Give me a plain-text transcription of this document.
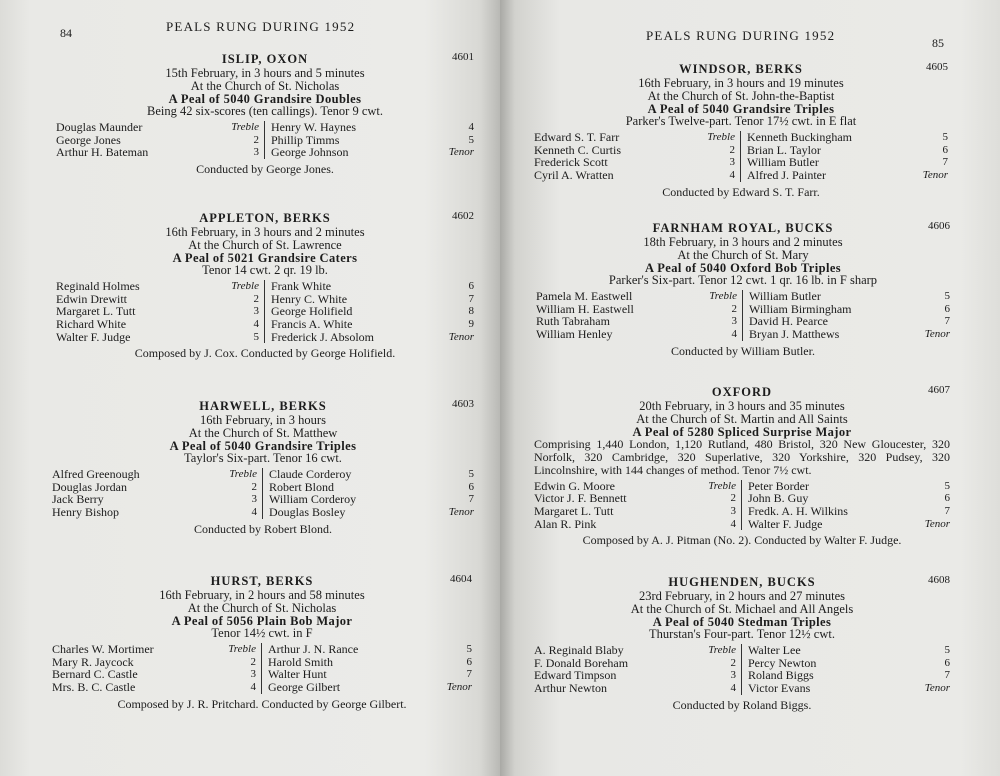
84	PEALS RUNG DURING 1952
ISLIP, OXON	4601
15th February, in 3 hours and 5 minutes
At the Church of St. Nicholas
A Peal of 5040 Grandsire Doubles
Being 42 six-scores (ten callings). Tenor 9 cwt.
Douglas Maunder	Treble
George Jones	2
Arthur H. Bateman	3
Henry W. Haynes	4
Phillip Timms	5
George Johnson	Tenor
Conducted by George Jones.
APPLETON, BERKS	4602
16th February, in 3 hours and 2 minutes
At the Church of St. Lawrence
A Peal of 5021 Grandsire Caters
Tenor 14 cwt. 2 qr. 19 lb.
Reginald Holmes	Treble
Edwin Drewitt	2
Margaret L. Tutt	3
Richard White	4
Walter F. Judge	5
Frank White	6
Henry C. White	7
George Holifield	8
Francis A. White	9
Frederick J. Absolom	Tenor
Composed by J. Cox. Conducted by George Holifield.
HARWELL, BERKS	4603
16th February, in 3 hours
At the Church of St. Matthew
A Peal of 5040 Grandsire Triples
Taylor's Six-part. Tenor 16 cwt.
Alfred Greenough	Treble
Douglas Jordan	2
Jack Berry	3
Henry Bishop	4
Claude Corderoy	5
Robert Blond	6
William Corderoy	7
Douglas Bosley	Tenor
Conducted by Robert Blond.
HURST, BERKS	4604
16th February, in 2 hours and 58 minutes
At the Church of St. Nicholas
A Peal of 5056 Plain Bob Major
Tenor 14½ cwt. in F
Charles W. Mortimer	Treble
Mary R. Jaycock	2
Bernard C. Castle	3
Mrs. B. C. Castle	4
Arthur J. N. Rance	5
Harold Smith	6
Walter Hunt	7
George Gilbert	Tenor
Composed by J. R. Pritchard. Conducted by George Gilbert.
PEALS RUNG DURING 1952	85
WINDSOR, BERKS	4605
16th February, in 3 hours and 19 minutes
At the Church of St. John-the-Baptist
A Peal of 5040 Grandsire Triples
Parker's Twelve-part. Tenor 17½ cwt. in E flat
Edward S. T. Farr	Treble
Kenneth C. Curtis	2
Frederick Scott	3
Cyril A. Wratten	4
Kenneth Buckingham	5
Brian L. Taylor	6
William Butler	7
Alfred J. Painter	Tenor
Conducted by Edward S. T. Farr.
FARNHAM ROYAL, BUCKS	4606
18th February, in 3 hours and 2 minutes
At the Church of St. Mary
A Peal of 5040 Oxford Bob Triples
Parker's Six-part. Tenor 12 cwt. 1 qr. 16 lb. in F sharp
Pamela M. Eastwell	Treble
William H. Eastwell	2
Ruth Tabraham	3
William Henley	4
William Butler	5
William Birmingham	6
David H. Pearce	7
Bryan J. Matthews	Tenor
Conducted by William Butler.
OXFORD	4607
20th February, in 3 hours and 35 minutes
At the Church of St. Martin and All Saints
A Peal of 5280 Spliced Surprise Major
Comprising 1,440 London, 1,120 Rutland, 480 Bristol, 320 New Gloucester, 320 Norfolk, 320 Cambridge, 320 Superlative, 320 Yorkshire, 320 Pudsey, 320 Lincolnshire, with 144 changes of method. Tenor 7½ cwt.
Edwin G. Moore	Treble
Victor J. F. Bennett	2
Margaret L. Tutt	3
Alan R. Pink	4
Peter Border	5
John B. Guy	6
Fredk. A. H. Wilkins	7
Walter F. Judge	Tenor
Composed by A. J. Pitman (No. 2). Conducted by Walter F. Judge.
HUGHENDEN, BUCKS	4608
23rd February, in 2 hours and 27 minutes
At the Church of St. Michael and All Angels
A Peal of 5040 Stedman Triples
Thurstan's Four-part. Tenor 12½ cwt.
A. Reginald Blaby	Treble
F. Donald Boreham	2
Edward Timpson	3
Arthur Newton	4
Walter Lee	5
Percy Newton	6
Roland Biggs	7
Victor Evans	Tenor
Conducted by Roland Biggs.
